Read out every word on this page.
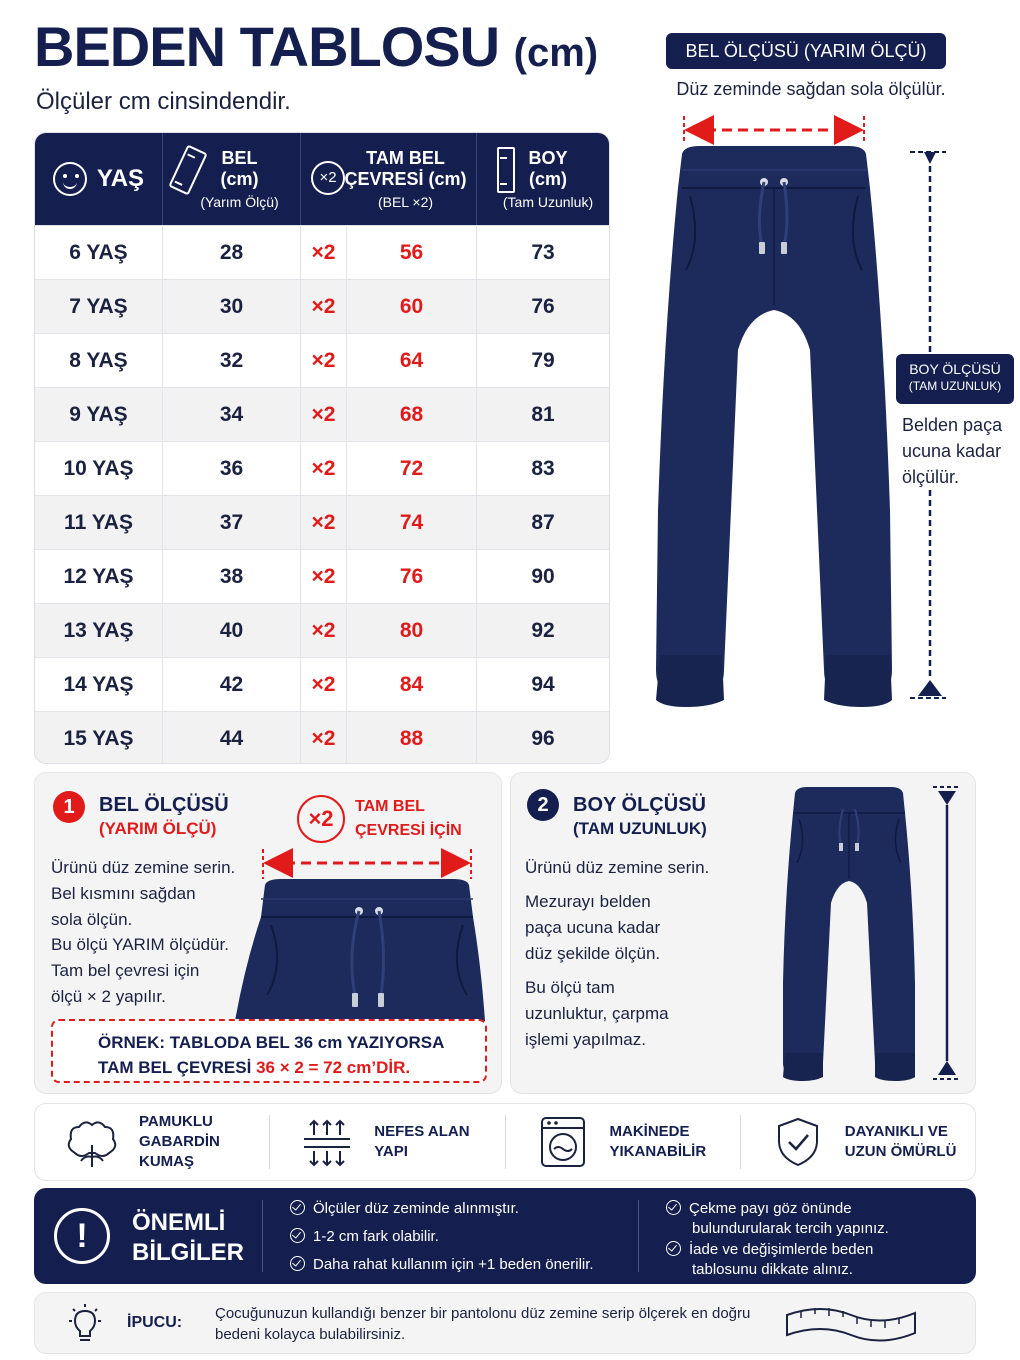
BEDEN TABLOSU (cm)
Ölçüler cm cinsindendir.
YAŞ
BEL
(cm)
(Yarım Ölçü)
×2
TAM BEL
ÇEVRESİ (cm)
(BEL ×2)
BOY
(cm)
(Tam Uzunluk)
6 YAŞ	28	×2	56	73
7 YAŞ	30	×2	60	76
8 YAŞ	32	×2	64	79
9 YAŞ	34	×2	68	81
10 YAŞ	36	×2	72	83
11 YAŞ	37	×2	74	87
12 YAŞ	38	×2	76	90
13 YAŞ	40	×2	80	92
14 YAŞ	42	×2	84	94
15 YAŞ	44	×2	88	96
BEL ÖLÇÜSÜ (YARIM ÖLÇÜ)
Düz zeminde sağdan sola ölçülür.
BOY ÖLÇÜSÜ
(TAM UZUNLUK)
Belden paça ucuna kadar ölçülür.
1	BEL ÖLÇÜSÜ
(YARIM ÖLÇÜ)	×2	TAM BEL
ÇEVRESİ İÇİN
Ürünü düz zemine serin.
Bel kısmını sağdan
sola ölçün.
Bu ölçü YARIM ölçüdür.
Tam bel çevresi için
ölçü × 2 yapılır.
ÖRNEK: TABLODA BEL 36 cm YAZIYORSA
TAM BEL ÇEVRESİ 36 × 2 = 72 cm’DİR.
2	BOY ÖLÇÜSÜ
(TAM UZUNLUK)
Ürünü düz zemine serin.
Mezurayı belden
paça ucuna kadar
düz şekilde ölçün.
Bu ölçü tam
uzunluktur, çarpma
işlemi yapılmaz.
PAMUKLU
GABARDİN
KUMAŞ
NEFES ALAN
YAPI
MAKİNEDE
YIKANABİLİR
DAYANIKLI VE
UZUN ÖMÜRLÜ
!	ÖNEMLİ
BİLGİLER
Ölçüler düz zeminde alınmıştır.
1-2 cm fark olabilir.
Daha rahat kullanım için +1 beden önerilir.
Çekme payı göz önünde
bulundurularak tercih yapınız.
İade ve değişimlerde beden
tablosunu dikkate alınız.
İPUCU:
Çocuğunuzun kullandığı benzer bir pantolonu düz zemine serip ölçerek en doğru bedeni kolayca bulabilirsiniz.
